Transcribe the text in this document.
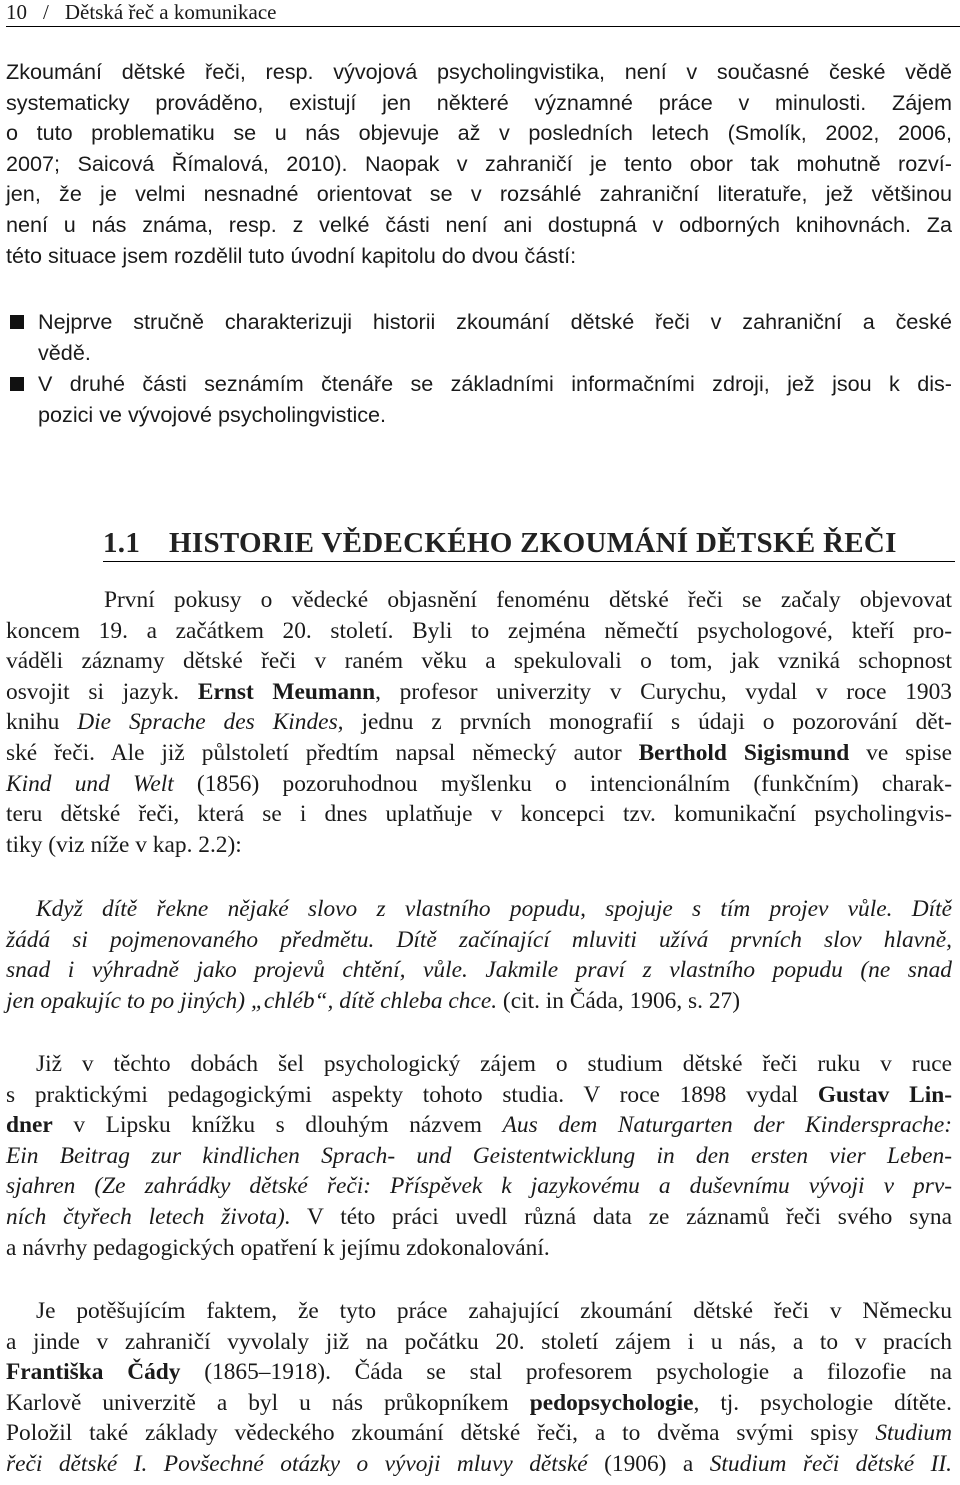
10 / Dětská řeč a komunikace
Zkoumání dětské řeči, resp. vývojová psycholingvistika, není v současné české vědě
systematicky prováděno, existují jen některé významné práce v minulosti. Zájem
o tuto problematiku se u nás objevuje až v posledních letech (Smolík, 2002, 2006,
2007; Saicová Římalová, 2010). Naopak v zahraničí je tento obor tak mohutně rozví-
jen, že je velmi nesnadné orientovat se v rozsáhlé zahraniční literatuře, jež většinou
není u nás známa, resp. z velké části není ani dostupná v odborných knihovnách. Za
této situace jsem rozdělil tuto úvodní kapitolu do dvou částí:
Nejprve stručně charakterizuji historii zkoumání dětské řeči v zahraniční a české
vědě.
V druhé části seznámím čtenáře se základními informačními zdroji, jež jsou k dis-
pozici ve vývojové psycholingvistice.
1.1 HISTORIE VĚDECKÉHO ZKOUMÁNÍ DĚTSKÉ ŘEČI
První pokusy o vědecké objasnění fenoménu dětské řeči se začaly objevovat
koncem 19. a začátkem 20. století. Byli to zejména němečtí psychologové, kteří pro-
váděli záznamy dětské řeči v raném věku a spekulovali o tom, jak vzniká schopnost
osvojit si jazyk. Ernst Meumann, profesor univerzity v Curychu, vydal v roce 1903
knihu Die Sprache des Kindes, jednu z prvních monografií s údaji o pozorování dět-
ské řeči. Ale již půlstoletí předtím napsal německý autor Berthold Sigismund ve spise
Kind und Welt (1856) pozoruhodnou myšlenku o intencionálním (funkčním) charak-
teru dětské řeči, která se i dnes uplatňuje v koncepci tzv. komunikační psycholingvis-
tiky (viz níže v kap. 2.2):
Když dítě řekne nějaké slovo z vlastního popudu, spojuje s tím projev vůle. Dítě
žádá si pojmenovaného předmětu. Dítě začínající mluviti užívá prvních slov hlavně,
snad i výhradně jako projevů chtění, vůle. Jakmile praví z vlastního popudu (ne snad
jen opakujíc to po jiných) „chléb“, dítě chleba chce. (cit. in Čáda, 1906, s. 27)
Již v těchto dobách šel psychologický zájem o studium dětské řeči ruku v ruce
s praktickými pedagogickými aspekty tohoto studia. V roce 1898 vydal Gustav Lin-
dner v Lipsku knížku s dlouhým názvem Aus dem Naturgarten der Kindersprache:
Ein Beitrag zur kindlichen Sprach- und Geistentwicklung in den ersten vier Leben-
sjahren (Ze zahrádky dětské řeči: Příspěvek k jazykovému a duševnímu vývoji v prv-
ních čtyřech letech života). V této práci uvedl různá data ze záznamů řeči svého syna
a návrhy pedagogických opatření k jejímu zdokonalování.
Je potěšujícím faktem, že tyto práce zahajující zkoumání dětské řeči v Německu
a jinde v zahraničí vyvolaly již na počátku 20. století zájem i u nás, a to v pracích
Františka Čády (1865–1918). Čáda se stal profesorem psychologie a filozofie na
Karlově univerzitě a byl u nás průkopníkem pedopsychologie, tj. psychologie dítěte.
Položil také základy vědeckého zkoumání dětské řeči, a to dvěma svými spisy Studium
řeči dětské I. Povšechné otázky o vývoji mluvy dětské (1906) a Studium řeči dětské II.
